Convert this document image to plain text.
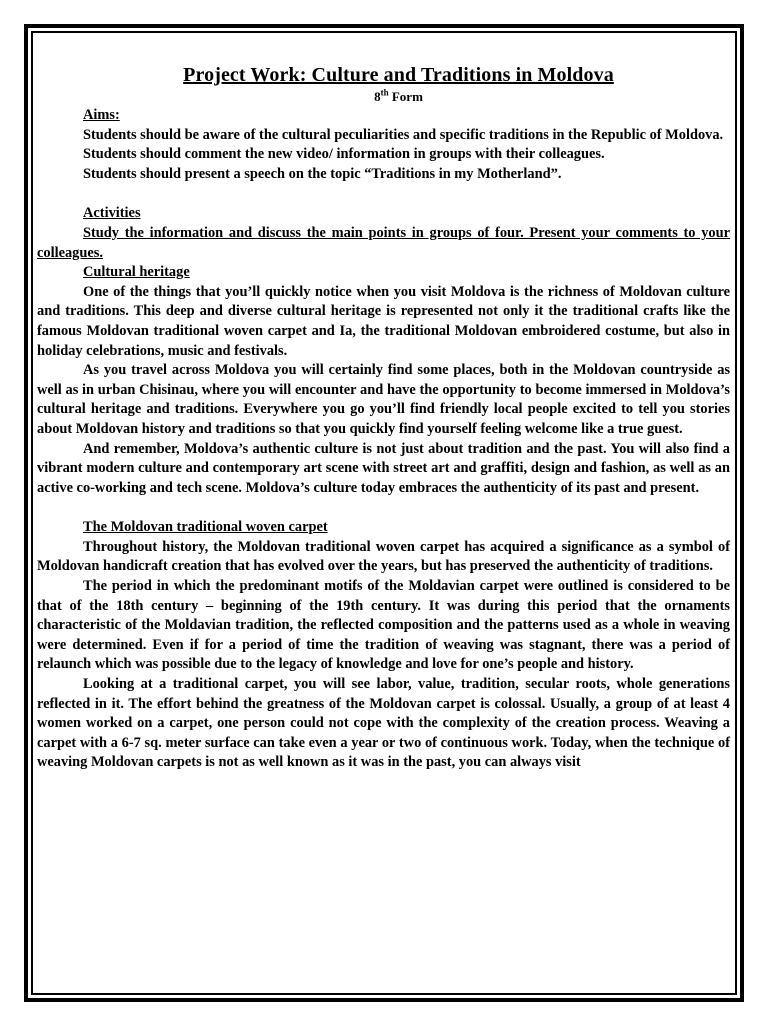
Project Work: Culture and Traditions in Moldova

8th Form

Aims:

Students should be aware of the cultural peculiarities and specific traditions in the Republic of Moldova.

Students should comment the new video/ information in groups with their colleagues.

Students should present a speech on the topic “Traditions in my Motherland”.

Activities

Study the information and discuss the main points in groups of four. Present your comments to your colleagues.

Cultural heritage

One of the things that you’ll quickly notice when you visit Moldova is the richness of Moldovan culture and traditions. This deep and diverse cultural heritage is represented not only it the traditional crafts like the famous Moldovan traditional woven carpet and Ia, the traditional Moldovan embroidered costume, but also in holiday celebrations, music and festivals.

As you travel across Moldova you will certainly find some places, both in the Moldovan countryside as well as in urban Chisinau, where you will encounter and have the opportunity to become immersed in Moldova’s cultural heritage and traditions. Everywhere you go you’ll find friendly local people excited to tell you stories about Moldovan history and traditions so that you quickly find yourself feeling welcome like a true guest.

And remember, Moldova’s authentic culture is not just about tradition and the past. You will also find a vibrant modern culture and contemporary art scene with street art and graffiti, design and fashion, as well as an active co-working and tech scene. Moldova’s culture today embraces the authenticity of its past and present.

The Moldovan traditional woven carpet

Throughout history, the Moldovan traditional woven carpet has acquired a significance as a symbol of Moldovan handicraft creation that has evolved over the years, but has preserved the authenticity of traditions.

The period in which the predominant motifs of the Moldavian carpet were outlined is considered to be that of the 18th century – beginning of the 19th century. It was during this period that the ornaments characteristic of the Moldavian tradition, the reflected composition and the patterns used as a whole in weaving were determined. Even if for a period of time the tradition of weaving was stagnant, there was a period of relaunch which was possible due to the legacy of knowledge and love for one’s people and history.

Looking at a traditional carpet, you will see labor, value, tradition, secular roots, whole generations reflected in it. The effort behind the greatness of the Moldovan carpet is colossal. Usually, a group of at least 4 women worked on a carpet, one person could not cope with the complexity of the creation process. Weaving a carpet with a 6-7 sq. meter surface can take even a year or two of continuous work. Today, when the technique of weaving Moldovan carpets is not as well known as it was in the past, you can always visit
